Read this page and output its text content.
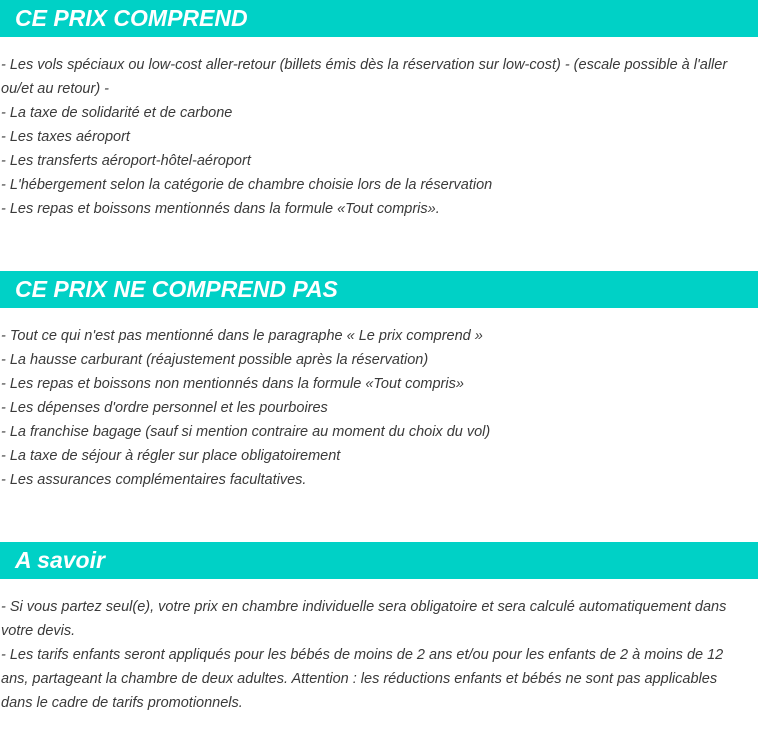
CE PRIX COMPREND
- Les vols spéciaux ou low-cost aller-retour (billets émis dès la réservation sur low-cost) - (escale possible à l'aller ou/et au retour) -
- La taxe de solidarité et de carbone
- Les taxes aéroport
- Les transferts aéroport-hôtel-aéroport
- L'hébergement selon la catégorie de chambre choisie lors de la réservation
- Les repas et boissons mentionnés dans la formule «Tout compris».
CE PRIX NE COMPREND PAS
- Tout ce qui n'est pas mentionné dans le paragraphe « Le prix comprend »
- La hausse carburant (réajustement possible après la réservation)
- Les repas et boissons non mentionnés dans la formule «Tout compris»
- Les dépenses d'ordre personnel et les pourboires
- La franchise bagage (sauf si mention contraire au moment du choix du vol)
- La taxe de séjour à régler sur place obligatoirement
- Les assurances complémentaires facultatives.
A savoir
- Si vous partez seul(e), votre prix en chambre individuelle sera obligatoire et sera calculé automatiquement dans votre devis.
- Les tarifs enfants seront appliqués pour les bébés de moins de 2 ans et/ou pour les enfants de 2 à moins de 12 ans, partageant la chambre de deux adultes. Attention : les réductions enfants et bébés ne sont pas applicables dans le cadre de tarifs promotionnels.
